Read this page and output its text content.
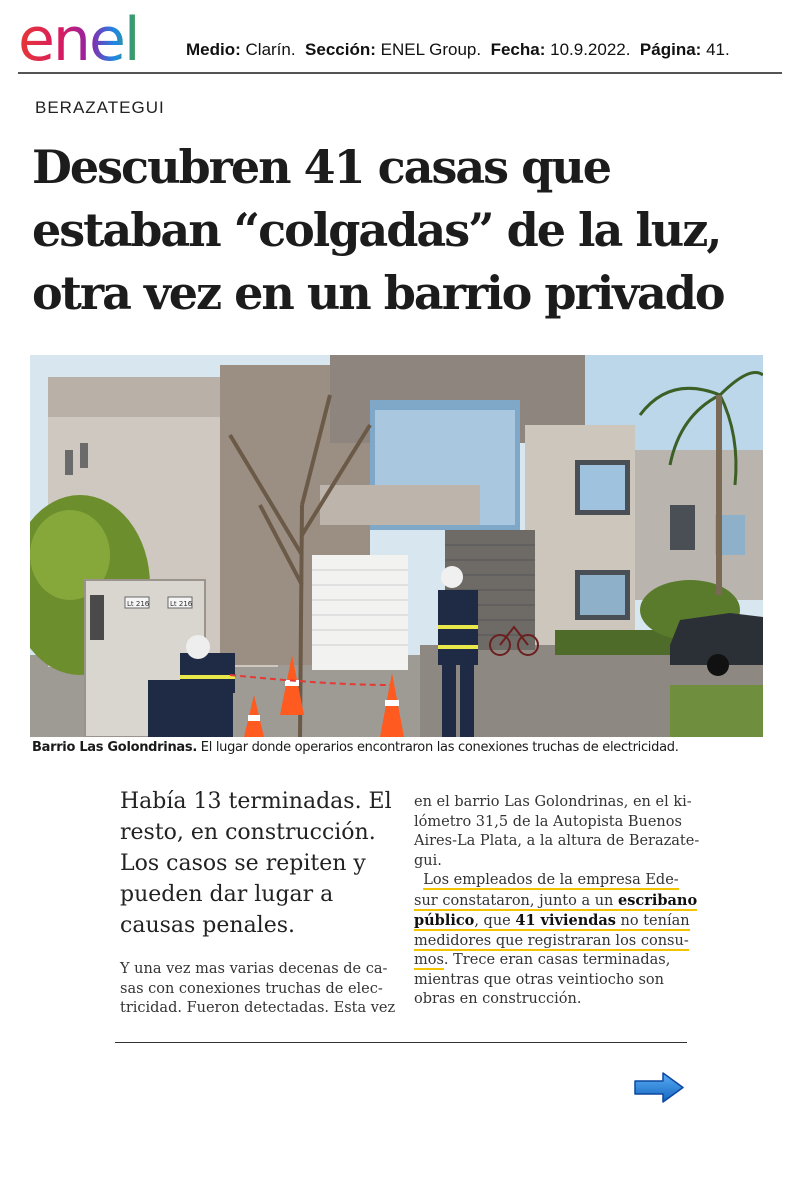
enel	Medio: Clarín. Sección: ENEL Group. Fecha: 10.9.2022. Página: 41.
BERAZATEGUI
Descubren 41 casas que
estaban “colgadas” de la luz,
otra vez en un barrio privado
Lt 216	Lt 216
Barrio Las Golondrinas. El lugar donde operarios encontraron las conexiones truchas de electricidad.
Había 13 terminadas. El
resto, en construcción.
Los casos se repiten y
pueden dar lugar a
causas penales.
Y una vez mas varias decenas de ca-
sas con conexiones truchas de elec-
tricidad. Fueron detectadas. Esta vez
en el barrio Las Golondrinas, en el ki-
lómetro 31,5 de la Autopista Buenos
Aires-La Plata, a la altura de Berazate-
gui.
Los empleados de la empresa Ede-
sur constataron, junto a un escribano
público, que 41 viviendas no tenían
medidores que registraran los consu-
mos. Trece eran casas terminadas,
mientras que otras veintiocho son
obras en construcción.
